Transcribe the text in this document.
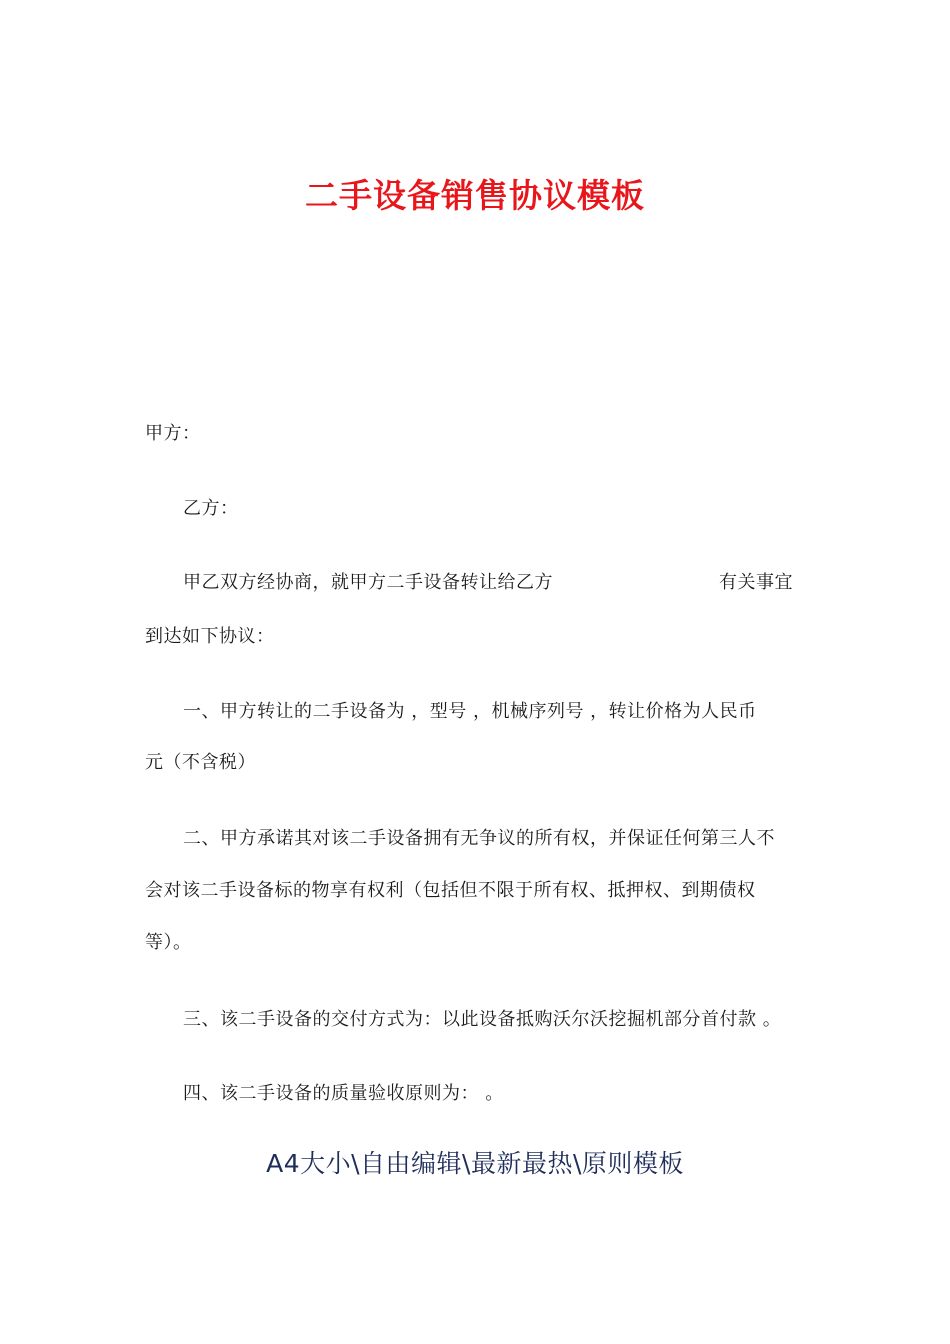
二手设备销售协议模板
甲方：
乙方：
甲乙双方经协商，就甲方二手设备转让给乙方	有关事宜
到达如下协议：
一、甲方转让的二手设备为 ，型号 ，机械序列号 ，转让价格为人民币
元（不含税）
二、甲方承诺其对该二手设备拥有无争议的所有权，并保证任何第三人不
会对该二手设备标的物享有权利（包括但不限于所有权、抵押权、到期债权
等）。
三、该二手设备的交付方式为：以此设备抵购沃尔沃挖掘机部分首付款 。
四、该二手设备的质量验收原则为： 。
A4大小\自由编辑\最新最热\原则模板
